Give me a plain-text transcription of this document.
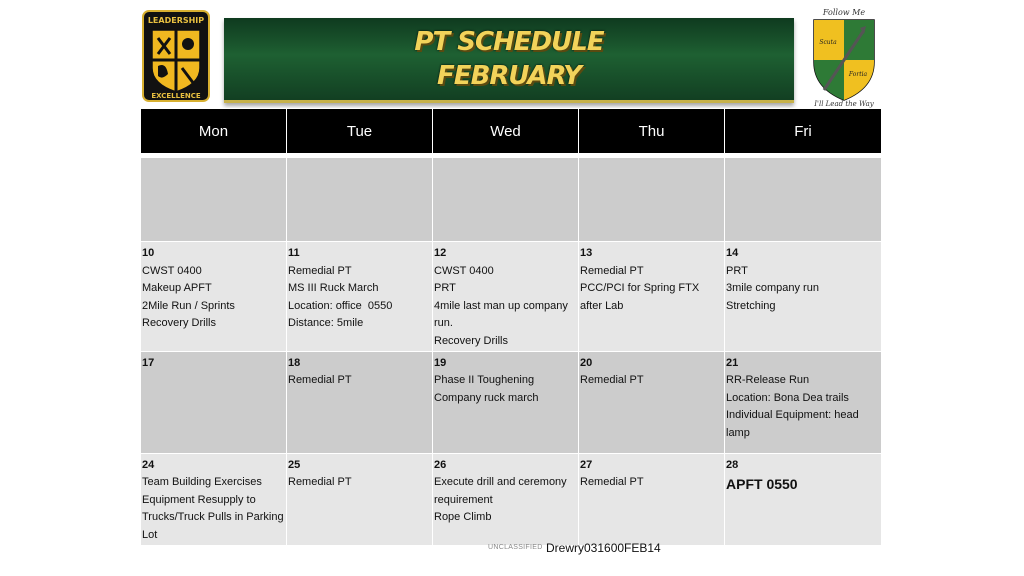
LEADERSHIP
EXCELLENCE
PT SCHEDULE
FEBRUARY
Follow Me
Scuta
Fortia
I'll Lead the Way
Mon	Tue	Wed	Thu	Fri

10
CWST 0400
Makeup APFT
2Mile Run / Sprints
Recovery Drills	11
Remedial PT
MS III Ruck March
Location: office  0550
Distance: 5mile	12
CWST 0400
PRT
4mile last man up company run.
Recovery Drills	13
Remedial PT
PCC/PCI for Spring FTX after Lab	14
PRT
3mile company run
Stretching

17	18
Remedial PT	19
Phase II Toughening
Company ruck march	20
Remedial PT	21
RR-Release Run
Location: Bona Dea trails
Individual Equipment: head lamp

24
Team Building Exercises
Equipment Resupply to Trucks/Truck Pulls in Parking Lot	25
Remedial PT	26
Execute drill and ceremony requirement
Rope Climb	27
Remedial PT	28
APFT 0550
UNCLASSIFIED Drewry031600FEB14
